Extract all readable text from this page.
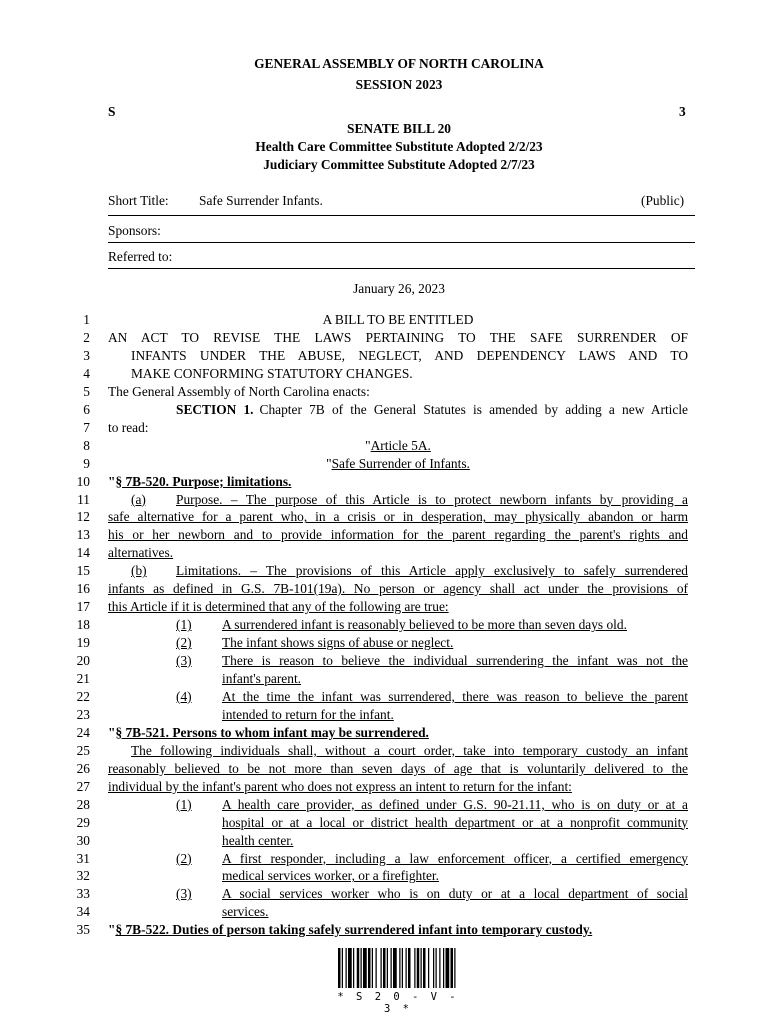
GENERAL ASSEMBLY OF NORTH CAROLINA
SESSION 2023
S	3
SENATE BILL 20
Health Care Committee Substitute Adopted 2/2/23
Judiciary Committee Substitute Adopted 2/7/23
Short Title: Safe Surrender Infants.	(Public)
Sponsors:
Referred to:
January 26, 2023
1	A BILL TO BE ENTITLED
2 AN ACT TO REVISE THE LAWS PERTAINING TO THE SAFE SURRENDER OF
3	INFANTS UNDER THE ABUSE, NEGLECT, AND DEPENDENCY LAWS AND TO
4	MAKE CONFORMING STATUTORY CHANGES.
5 The General Assembly of North Carolina enacts:
6	SECTION 1. Chapter 7B of the General Statutes is amended by adding a new Article
7 to read:
8	"Article 5A.
9	"Safe Surrender of Infants.
10 "§ 7B-520. Purpose; limitations.
11	(a) Purpose. – The purpose of this Article is to protect newborn infants by providing a
12 safe alternative for a parent who, in a crisis or in desperation, may physically abandon or harm
13 his or her newborn and to provide information for the parent regarding the parent's rights and
14 alternatives.
15	(b) Limitations. – The provisions of this Article apply exclusively to safely surrendered
16 infants as defined in G.S. 7B-101(19a). No person or agency shall act under the provisions of
17 this Article if it is determined that any of the following are true:
18	(1) A surrendered infant is reasonably believed to be more than seven days old.
19	(2) The infant shows signs of abuse or neglect.
20	(3) There is reason to believe the individual surrendering the infant was not the
21	infant's parent.
22	(4) At the time the infant was surrendered, there was reason to believe the parent
23	intended to return for the infant.
24 "§ 7B-521. Persons to whom infant may be surrendered.
25	The following individuals shall, without a court order, take into temporary custody an infant
26 reasonably believed to be not more than seven days of age that is voluntarily delivered to the
27 individual by the infant's parent who does not express an intent to return for the infant:
28	(1) A health care provider, as defined under G.S. 90-21.11, who is on duty or at a
29	hospital or at a local or district health department or at a nonprofit community
30	health center.
31	(2) A first responder, including a law enforcement officer, a certified emergency
32	medical services worker, or a firefighter.
33	(3) A social services worker who is on duty or at a local department of social
34	services.
35 "§ 7B-522. Duties of person taking safely surrendered infant into temporary custody.
* S 2 0 - V - 3 *
